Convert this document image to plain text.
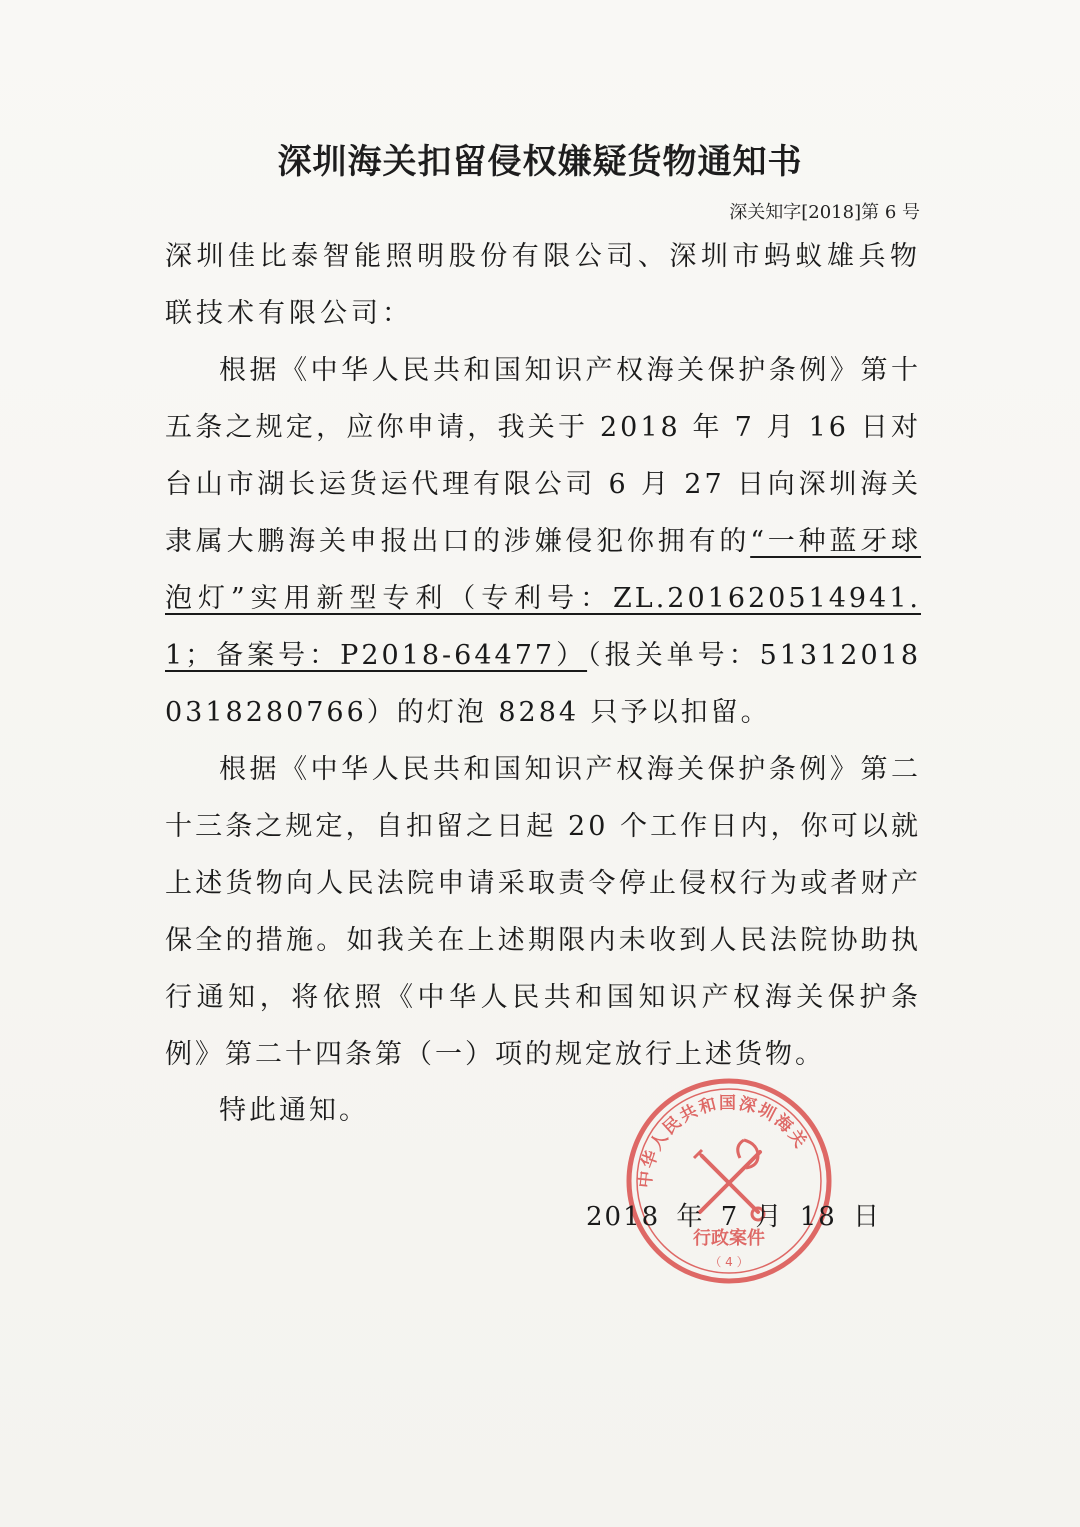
深圳海关扣留侵权嫌疑货物通知书
深关知字[2018]第 6 号
深圳佳比泰智能照明股份有限公司、深圳市蚂蚁雄兵物联技术有限公司：
根据《中华人民共和国知识产权海关保护条例》第十五条之规定，应你申请，我关于 2018 年 7 月 16 日对台山市湖长运货运代理有限公司 6 月 27 日向深圳海关隶属大鹏海关申报出口的涉嫌侵犯你拥有的“一种蓝牙球泡灯”实用新型专利（专利号：ZL.201620514941.1；备案号：P2018-64477）（报关单号：513120180318280766）的灯泡 8284 只予以扣留。
根据《中华人民共和国知识产权海关保护条例》第二十三条之规定，自扣留之日起 20 个工作日内，你可以就上述货物向人民法院申请采取责令停止侵权行为或者财产保全的措施。如我关在上述期限内未收到人民法院协助执行通知，将依照《中华人民共和国知识产权海关保护条例》第二十四条第（一）项的规定放行上述货物。
特此通知。
中华人民共和国深圳海关
行政案件
（ 4 ）
2018 年 7 月 18 日
